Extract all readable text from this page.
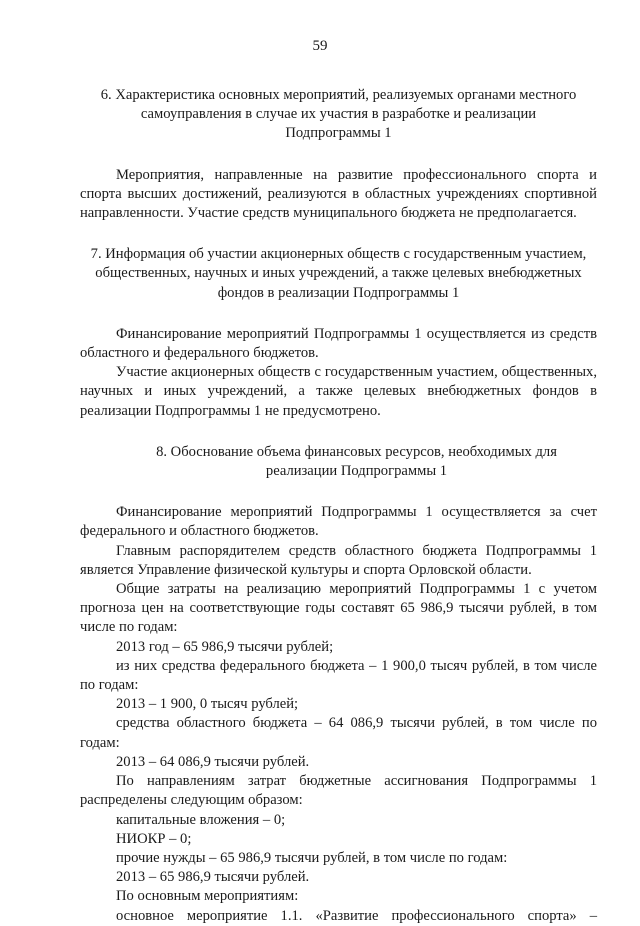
59
6. Характеристика основных мероприятий, реализуемых органами местного
самоуправления в случае их участия в разработке и реализации
Подпрограммы 1

Мероприятия, направленные на развитие профессионального спорта и спорта высших достижений, реализуются в областных учреждениях спортивной направленности. Участие средств муниципального бюджета не предполагается.

7. Информация об участии акционерных обществ с государственным участием,
общественных, научных и иных учреждений, а также целевых внебюджетных
фондов в реализации Подпрограммы 1

Финансирование мероприятий Подпрограммы 1 осуществляется из средств областного и федерального бюджетов.

Участие акционерных обществ с государственным участием, общественных, научных и иных учреждений, а также целевых внебюджетных фондов в реализации Подпрограммы 1 не предусмотрено.

8. Обоснование объема финансовых ресурсов, необходимых для
реализации Подпрограммы 1

Финансирование мероприятий Подпрограммы 1 осуществляется за счет федерального и областного бюджетов.

Главным распорядителем средств областного бюджета Подпрограммы 1 является Управление физической культуры и спорта Орловской области.

Общие затраты на реализацию мероприятий Подпрограммы 1 с учетом прогноза цен на соответствующие годы составят 65 986,9 тысячи рублей, в том числе по годам:

2013 год – 65 986,9 тысячи рублей;

из них средства федерального бюджета – 1 900,0 тысяч рублей, в том числе по годам:

2013 – 1 900, 0 тысяч рублей;

средства областного бюджета – 64 086,9 тысячи рублей, в том числе по годам:

2013 – 64 086,9 тысячи рублей.

По направлениям затрат бюджетные ассигнования Подпрограммы 1 распределены следующим образом:

капитальные вложения – 0;

НИОКР – 0;

прочие нужды – 65 986,9 тысячи рублей, в том числе по годам:

2013 – 65 986,9 тысячи рублей.

По основным мероприятиям:

основное мероприятие 1.1. «Развитие профессионального спорта» –
